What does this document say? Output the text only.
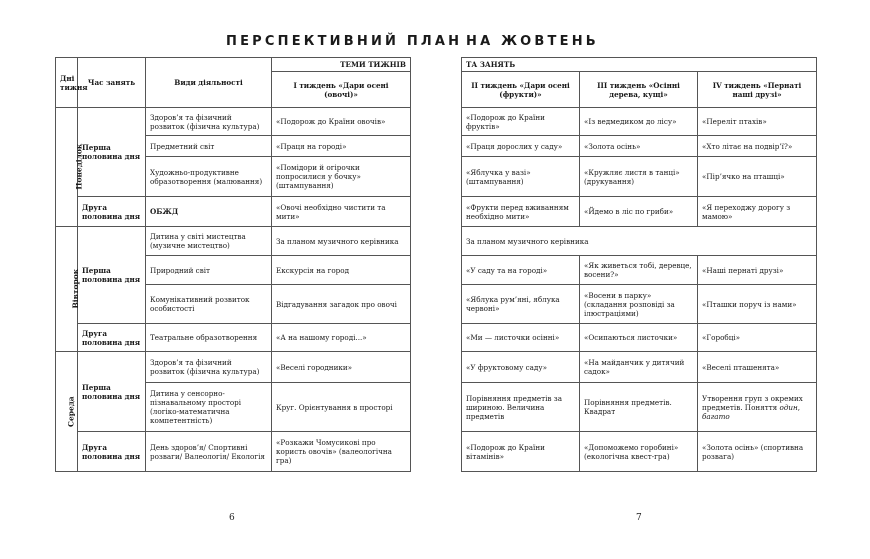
ПЕРСПЕКТИВНИЙ ПЛАН НА ЖОВТЕНЬ
Дні тижня	Час занять	Види діяльності	ТЕМИ ТИЖНІВ
			І тиждень «Дари осені (овочі)»
Понеділок	Перша половина дня	Здоров’я та фізичний розвиток (фізична культура)	«Подорож до Країни овочів»
		Предметний світ	«Праця на городі»
		Художньо-продуктивне образотворення (малювання)	«Помідори й огірочки попросилися у бочку» (штампування)
	Друга половина дня	ОБЖД	«Овочі необхідно чистити та мити»
Вівторок	Перша половина дня	Дитина у світі мистецтва (музичне мистецтво)	За планом музичного керівника
		Природний світ	Екскурсія на город
		Комунікативний розвиток особистості	Відгадування загадок про овочі
	Друга половина дня	Театральне образотворення	«А на нашому городі...»
Середа	Перша половина дня	Здоров’я та фізичний розвиток (фізична культура)	«Веселі городники»
		Дитина у сенсорно-пізнавальному просторі (логіко-математична компетентність)	Круг. Орієнтування в просторі
	Друга половина дня	День здоров’я/ Спортивні розваги/ Валеологія/ Екологія	«Розкажи Чомусикові про користь овочів» (валеологічна гра)
ТА ЗАНЯТЬ		
ІІ тиждень «Дари осені (фрукти)»	ІІІ тиждень «Осінні дерева, кущі»	ІV тиждень «Пернаті наші друзі»
«Подорож до Країни фруктів»	«Із ведмедиком до лісу»	«Переліт птахів»
«Праця дорослих у саду»	«Золота осінь»	«Хто літає на подвір’ї?»
«Яблучка у вазі» (штампування)	«Кружляє листя в танці» (друкування)	«Пір’ячко на пташці»
«Фрукти перед вживанням необхідно мити»	«Йдемо в ліс по гриби»	«Я переходжу дорогу з мамою»
За планом музичного керівника		
«У саду та на городі»	«Як живеться тобі, деревце, восени?»	«Наші пернаті друзі»
«Яблука рум’яні, яблука червоні»	«Восени в парку» (складання розповіді за ілюстраціями)	«Пташки поруч із нами»
«Ми — листочки осінні»	«Осипаються листочки»	«Горобці»
«У фруктовому саду»	«На майданчик у дитячий садок»	«Веселі пташенята»
Порівняння предметів за шириною. Величина предметів	Порівняння предметів. Квадрат	Утворення груп з окремих предметів. Поняття один, багато
«Подорож до Країни вітамінів»	«Допоможемо горобині» (екологічна квест-гра)	«Золота осінь» (спортивна розвага)
6	7
